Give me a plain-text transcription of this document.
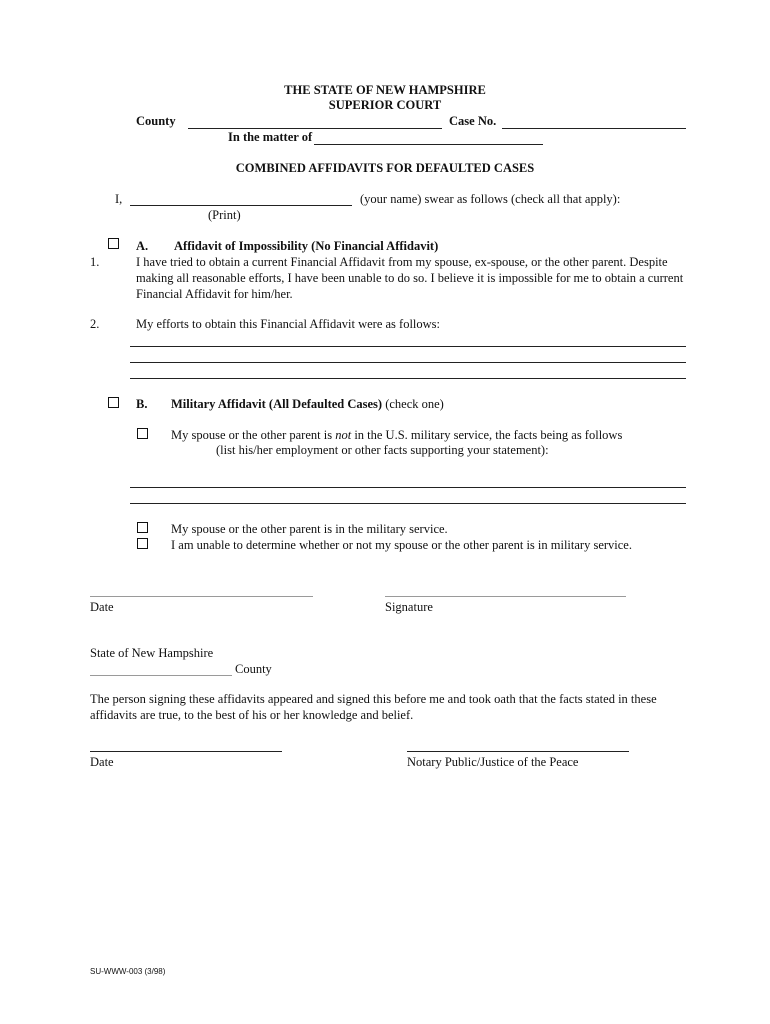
THE STATE OF NEW HAMPSHIRE
SUPERIOR COURT
County	Case No.
In the matter of
COMBINED AFFIDAVITS FOR DEFAULTED CASES
I,	(your name) swear as follows (check all that apply):
(Print)
A. Affidavit of Impossibility (No Financial Affidavit)
1.	I have tried to obtain a current Financial Affidavit from my spouse, ex-spouse, or the other parent. Despite
making all reasonable efforts, I have been unable to do so. I believe it is impossible for me to obtain a current
Financial Affidavit for him/her.
2.	My efforts to obtain this Financial Affidavit were as follows:
B. Military Affidavit (All Defaulted Cases) (check one)
My spouse or the other parent is not in the U.S. military service, the facts being as follows
(list his/her employment or other facts supporting your statement):
My spouse or the other parent is in the military service.
I am unable to determine whether or not my spouse or the other parent is in military service.
Date	Signature
State of New Hampshire
County
The person signing these affidavits appeared and signed this before me and took oath that the facts stated in these
affidavits are true, to the best of his or her knowledge and belief.
Date	Notary Public/Justice of the Peace
SU-WWW-003 (3/98)
